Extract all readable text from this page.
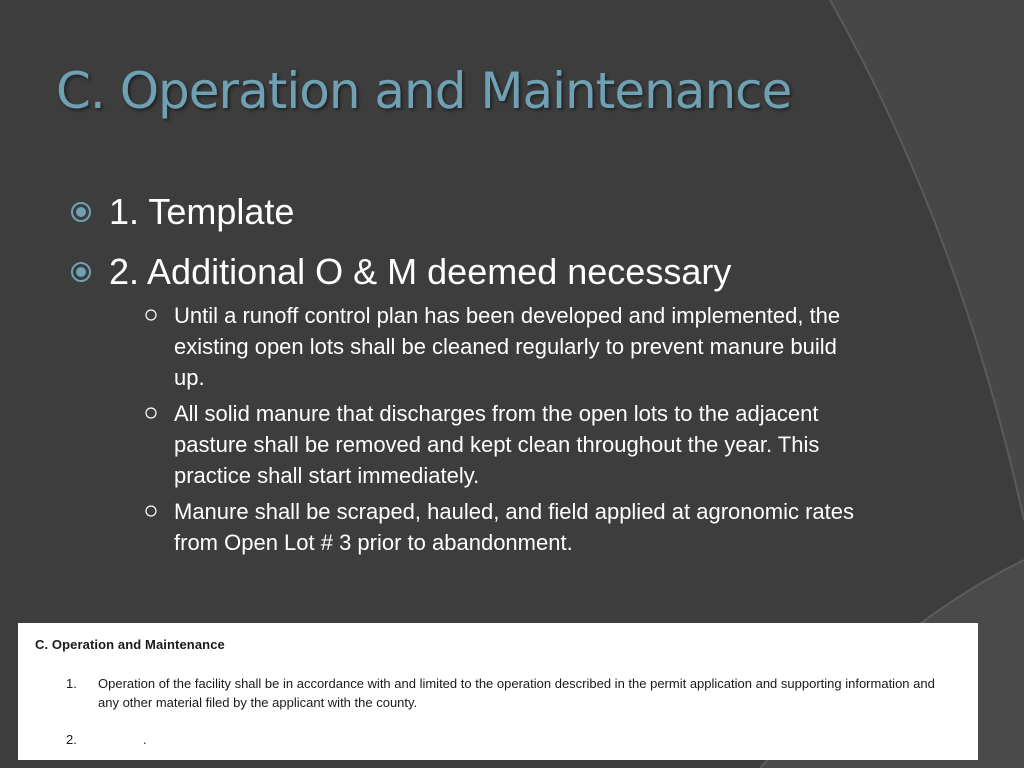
C. Operation and Maintenance
1. Template
2. Additional O & M deemed necessary
Until a runoff control plan has been developed and implemented, the existing open lots shall be cleaned regularly to prevent manure build up.
All solid manure that discharges from the open lots to the adjacent pasture shall be removed and kept clean throughout the year. This practice shall start immediately.
Manure shall be scraped, hauled, and field applied at agronomic rates from Open Lot # 3 prior to abandonment.
C. Operation and Maintenance
1. Operation of the facility shall be in accordance with and limited to the operation described in the permit application and supporting information and any other material filed by the applicant with the county.
2.	.
